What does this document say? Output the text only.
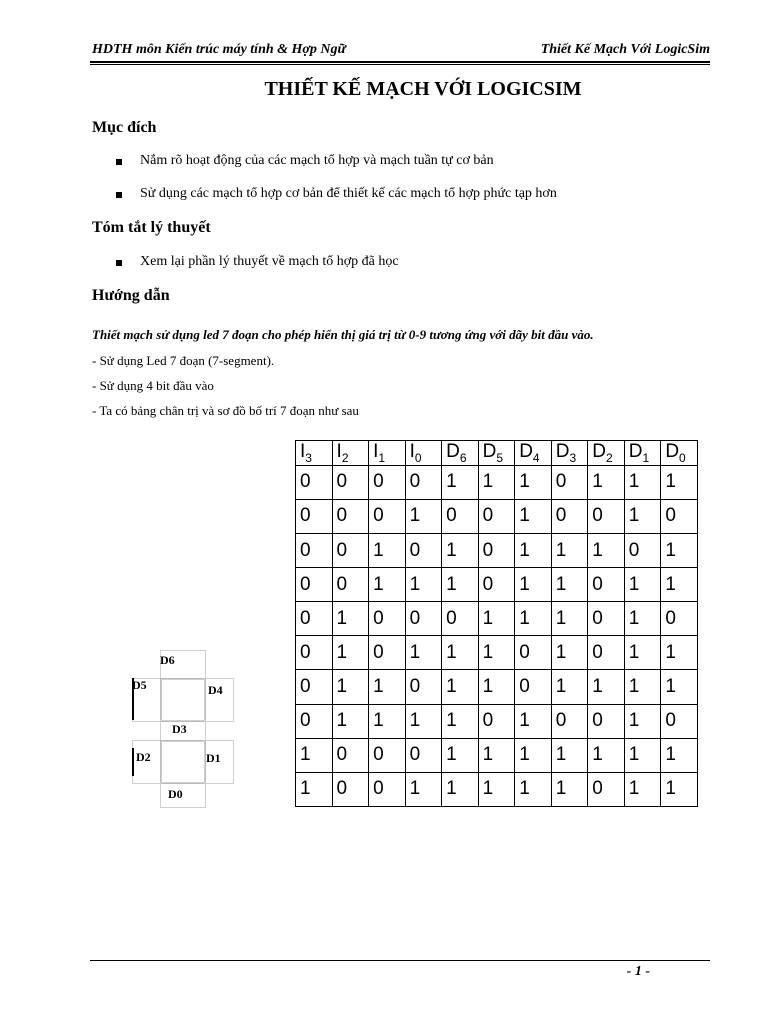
HDTH môn Kiến trúc máy tính & Hợp Ngữ	Thiết Kế Mạch Với LogicSim
THIẾT KẾ MẠCH VỚI LOGICSIM
Mục đích
Nắm rõ hoạt động của các mạch tổ hợp và mạch tuần tự cơ bản
Sử dụng các mạch tổ hợp cơ bản để thiết kế các mạch tổ hợp phức tạp hơn
Tóm tắt lý thuyết
Xem lại phần lý thuyết về mạch tổ hợp đã học
Hướng dẫn
Thiết mạch sử dụng led 7 đoạn cho phép hiển thị giá trị từ 0-9 tương ứng với dãy bit đầu vào.
- Sử dụng Led 7 đoạn (7-segment).
- Sử dụng 4 bit đầu vào
- Ta có bảng chân trị và sơ đồ bố trí 7 đoạn như sau
D6
D5	D4
D3
D2	D1
D0
$I_3$	$I_2$	$I_1$	$I_0$	$D_6$	$D_5$	$D_4$	$D_3$	$D_2$	$D_1$	$D_0$
0	0	0	0	1	1	1	0	1	1	1
0	0	0	1	0	0	1	0	0	1	0
0	0	1	0	1	0	1	1	1	0	1
0	0	1	1	1	0	1	1	0	1	1
0	1	0	0	0	1	1	1	0	1	0
0	1	0	1	1	1	0	1	0	1	1
0	1	1	0	1	1	0	1	1	1	1
0	1	1	1	1	0	1	0	0	1	0
1	0	0	0	1	1	1	1	1	1	1
1	0	0	1	1	1	1	1	0	1	1
- 1 -
